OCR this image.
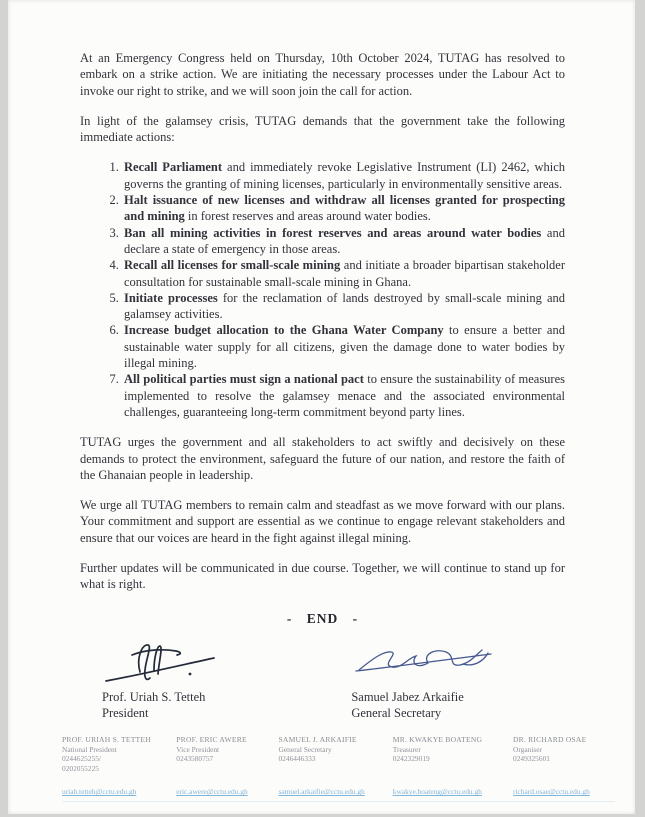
At an Emergency Congress held on Thursday, 10th October 2024, TUTAG has resolved to embark on a strike action. We are initiating the necessary processes under the Labour Act to invoke our right to strike, and we will soon join the call for action.

In light of the galamsey crisis, TUTAG demands that the government take the following immediate actions:

1. Recall Parliament and immediately revoke Legislative Instrument (LI) 2462, which governs the granting of mining licenses, particularly in environmentally sensitive areas.
2. Halt issuance of new licenses and withdraw all licenses granted for prospecting and mining in forest reserves and areas around water bodies.
3. Ban all mining activities in forest reserves and areas around water bodies and declare a state of emergency in those areas.
4. Recall all licenses for small-scale mining and initiate a broader bipartisan stakeholder consultation for sustainable small-scale mining in Ghana.
5. Initiate processes for the reclamation of lands destroyed by small-scale mining and galamsey activities.
6. Increase budget allocation to the Ghana Water Company to ensure a better and sustainable water supply for all citizens, given the damage done to water bodies by illegal mining.
7. All political parties must sign a national pact to ensure the sustainability of measures implemented to resolve the galamsey menace and the associated environmental challenges, guaranteeing long-term commitment beyond party lines.

TUTAG urges the government and all stakeholders to act swiftly and decisively on these demands to protect the environment, safeguard the future of our nation, and restore the faith of the Ghanaian people in leadership.

We urge all TUTAG members to remain calm and steadfast as we move forward with our plans. Your commitment and support are essential as we continue to engage relevant stakeholders and ensure that our voices are heard in the fight against illegal mining.

Further updates will be communicated in due course. Together, we will continue to stand up for what is right.

- END -
Prof. Uriah S. Tetteh
President
Samuel Jabez Arkaifie
General Secretary
PROF. URIAH S. TETTEH
National President
0244625255/
0202055225
uriah.tetteh@cctu.edu.gh
PROF. ERIC AWERE
Vice President
0243580757
eric.awere@cctu.edu.gh
SAMUEL J. ARKAIFIE
General Secretary
0246446333
samuel.arkaifie@cctu.edu.gh
MR. KWAKYE BOATENG
Treasurer
0242329019
kwakye.boateng@cctu.edu.gh
DR. RICHARD OSAE
Organiser
0249325601
richard.osae@cctu.edu.gh
